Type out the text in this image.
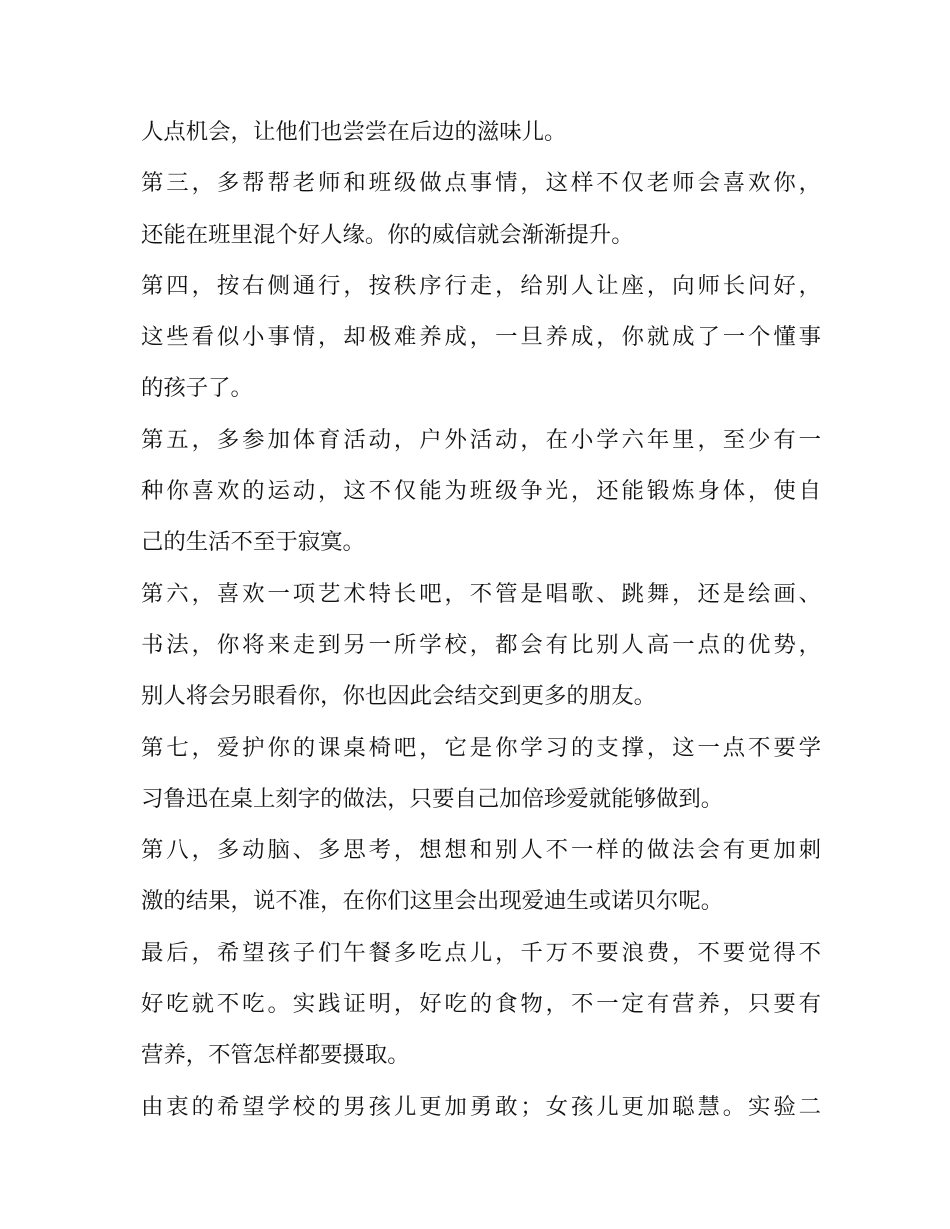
人点机会，让他们也尝尝在后边的滋味儿。
第三，多帮帮老师和班级做点事情，这样不仅老师会喜欢你，
还能在班里混个好人缘。你的威信就会渐渐提升。
第四，按右侧通行，按秩序行走，给别人让座，向师长问好，
这些看似小事情，却极难养成，一旦养成，你就成了一个懂事
的孩子了。
第五，多参加体育活动，户外活动，在小学六年里，至少有一
种你喜欢的运动，这不仅能为班级争光，还能锻炼身体，使自
己的生活不至于寂寞。
第六，喜欢一项艺术特长吧，不管是唱歌、跳舞，还是绘画、
书法，你将来走到另一所学校，都会有比别人高一点的优势，
别人将会另眼看你，你也因此会结交到更多的朋友。
第七，爱护你的课桌椅吧，它是你学习的支撑，这一点不要学
习鲁迅在桌上刻字的做法，只要自己加倍珍爱就能够做到。
第八，多动脑、多思考，想想和别人不一样的做法会有更加刺
激的结果，说不准，在你们这里会出现爱迪生或诺贝尔呢。
最后，希望孩子们午餐多吃点儿，千万不要浪费，不要觉得不
好吃就不吃。实践证明，好吃的食物，不一定有营养，只要有
营养，不管怎样都要摄取。
由衷的希望学校的男孩儿更加勇敢；女孩儿更加聪慧。实验二
